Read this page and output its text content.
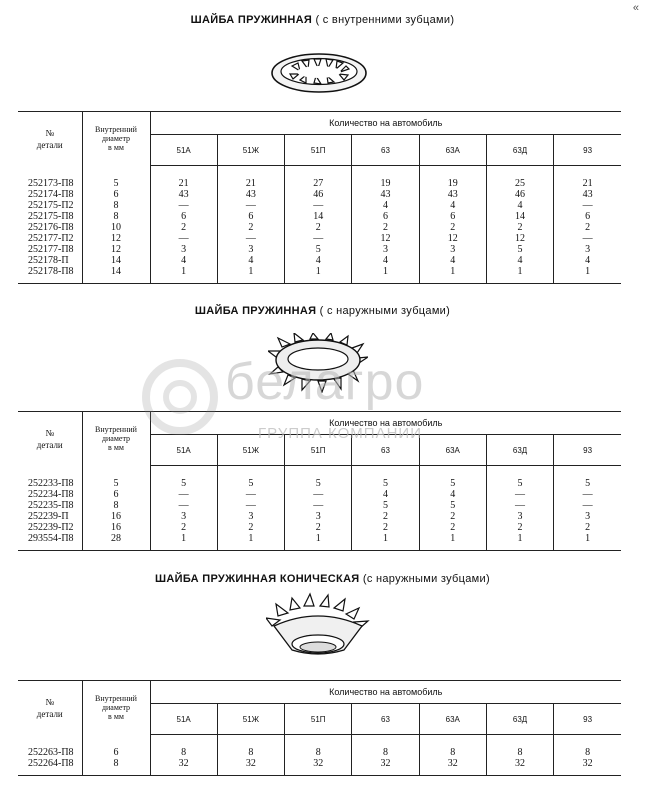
«
ШАЙБА ПРУЖИННАЯ ( с внутренними зубцами)
№
детали	Внутренний
диаметр
в мм	Количество на автомобиль						
		51А	51Ж	51П	63	63А	63Д	93
252173-П8	5	21	21	27	19	19	25	21
252174-П8	6	43	43	46	43	43	46	43
252175-П2	8	—	—	—	4	4	4	—
252175-П8	8	6	6	14	6	6	14	6
252176-П8	10	2	2	2	2	2	2	2
252177-П2	12	—	—	—	12	12	12	—
252177-П8	12	3	3	5	3	3	5	3
252178-П	14	4	4	4	4	4	4	4
252178-П8	14	1	1	1	1	1	1	1
ШАЙБА ПРУЖИННАЯ ( с наружными зубцами)
№
детали	Внутренний
диаметр
в мм	Количество на автомобиль						
		51А	51Ж	51П	63	63А	63Д	93
252233-П8	5	5	5	5	5	5	5	5
252234-П8	6	—	—	—	4	4	—	—
252235-П8	8	—	—	—	5	5	—	—
252239-П	16	3	3	3	2	2	3	3
252239-П2	16	2	2	2	2	2	2	2
293554-П8	28	1	1	1	1	1	1	1
ШАЙБА ПРУЖИННАЯ КОНИЧЕСКАЯ (с наружными зубцами)
№
детали	Внутренний
диаметр
в мм	Количество на автомобиль						
		51А	51Ж	51П	63	63А	63Д	93
252263-П8	6	8	8	8	8	8	8	8
252264-П8	8	32	32	32	32	32	32	32
белагро
ГРУППА КОМПАНИИ
